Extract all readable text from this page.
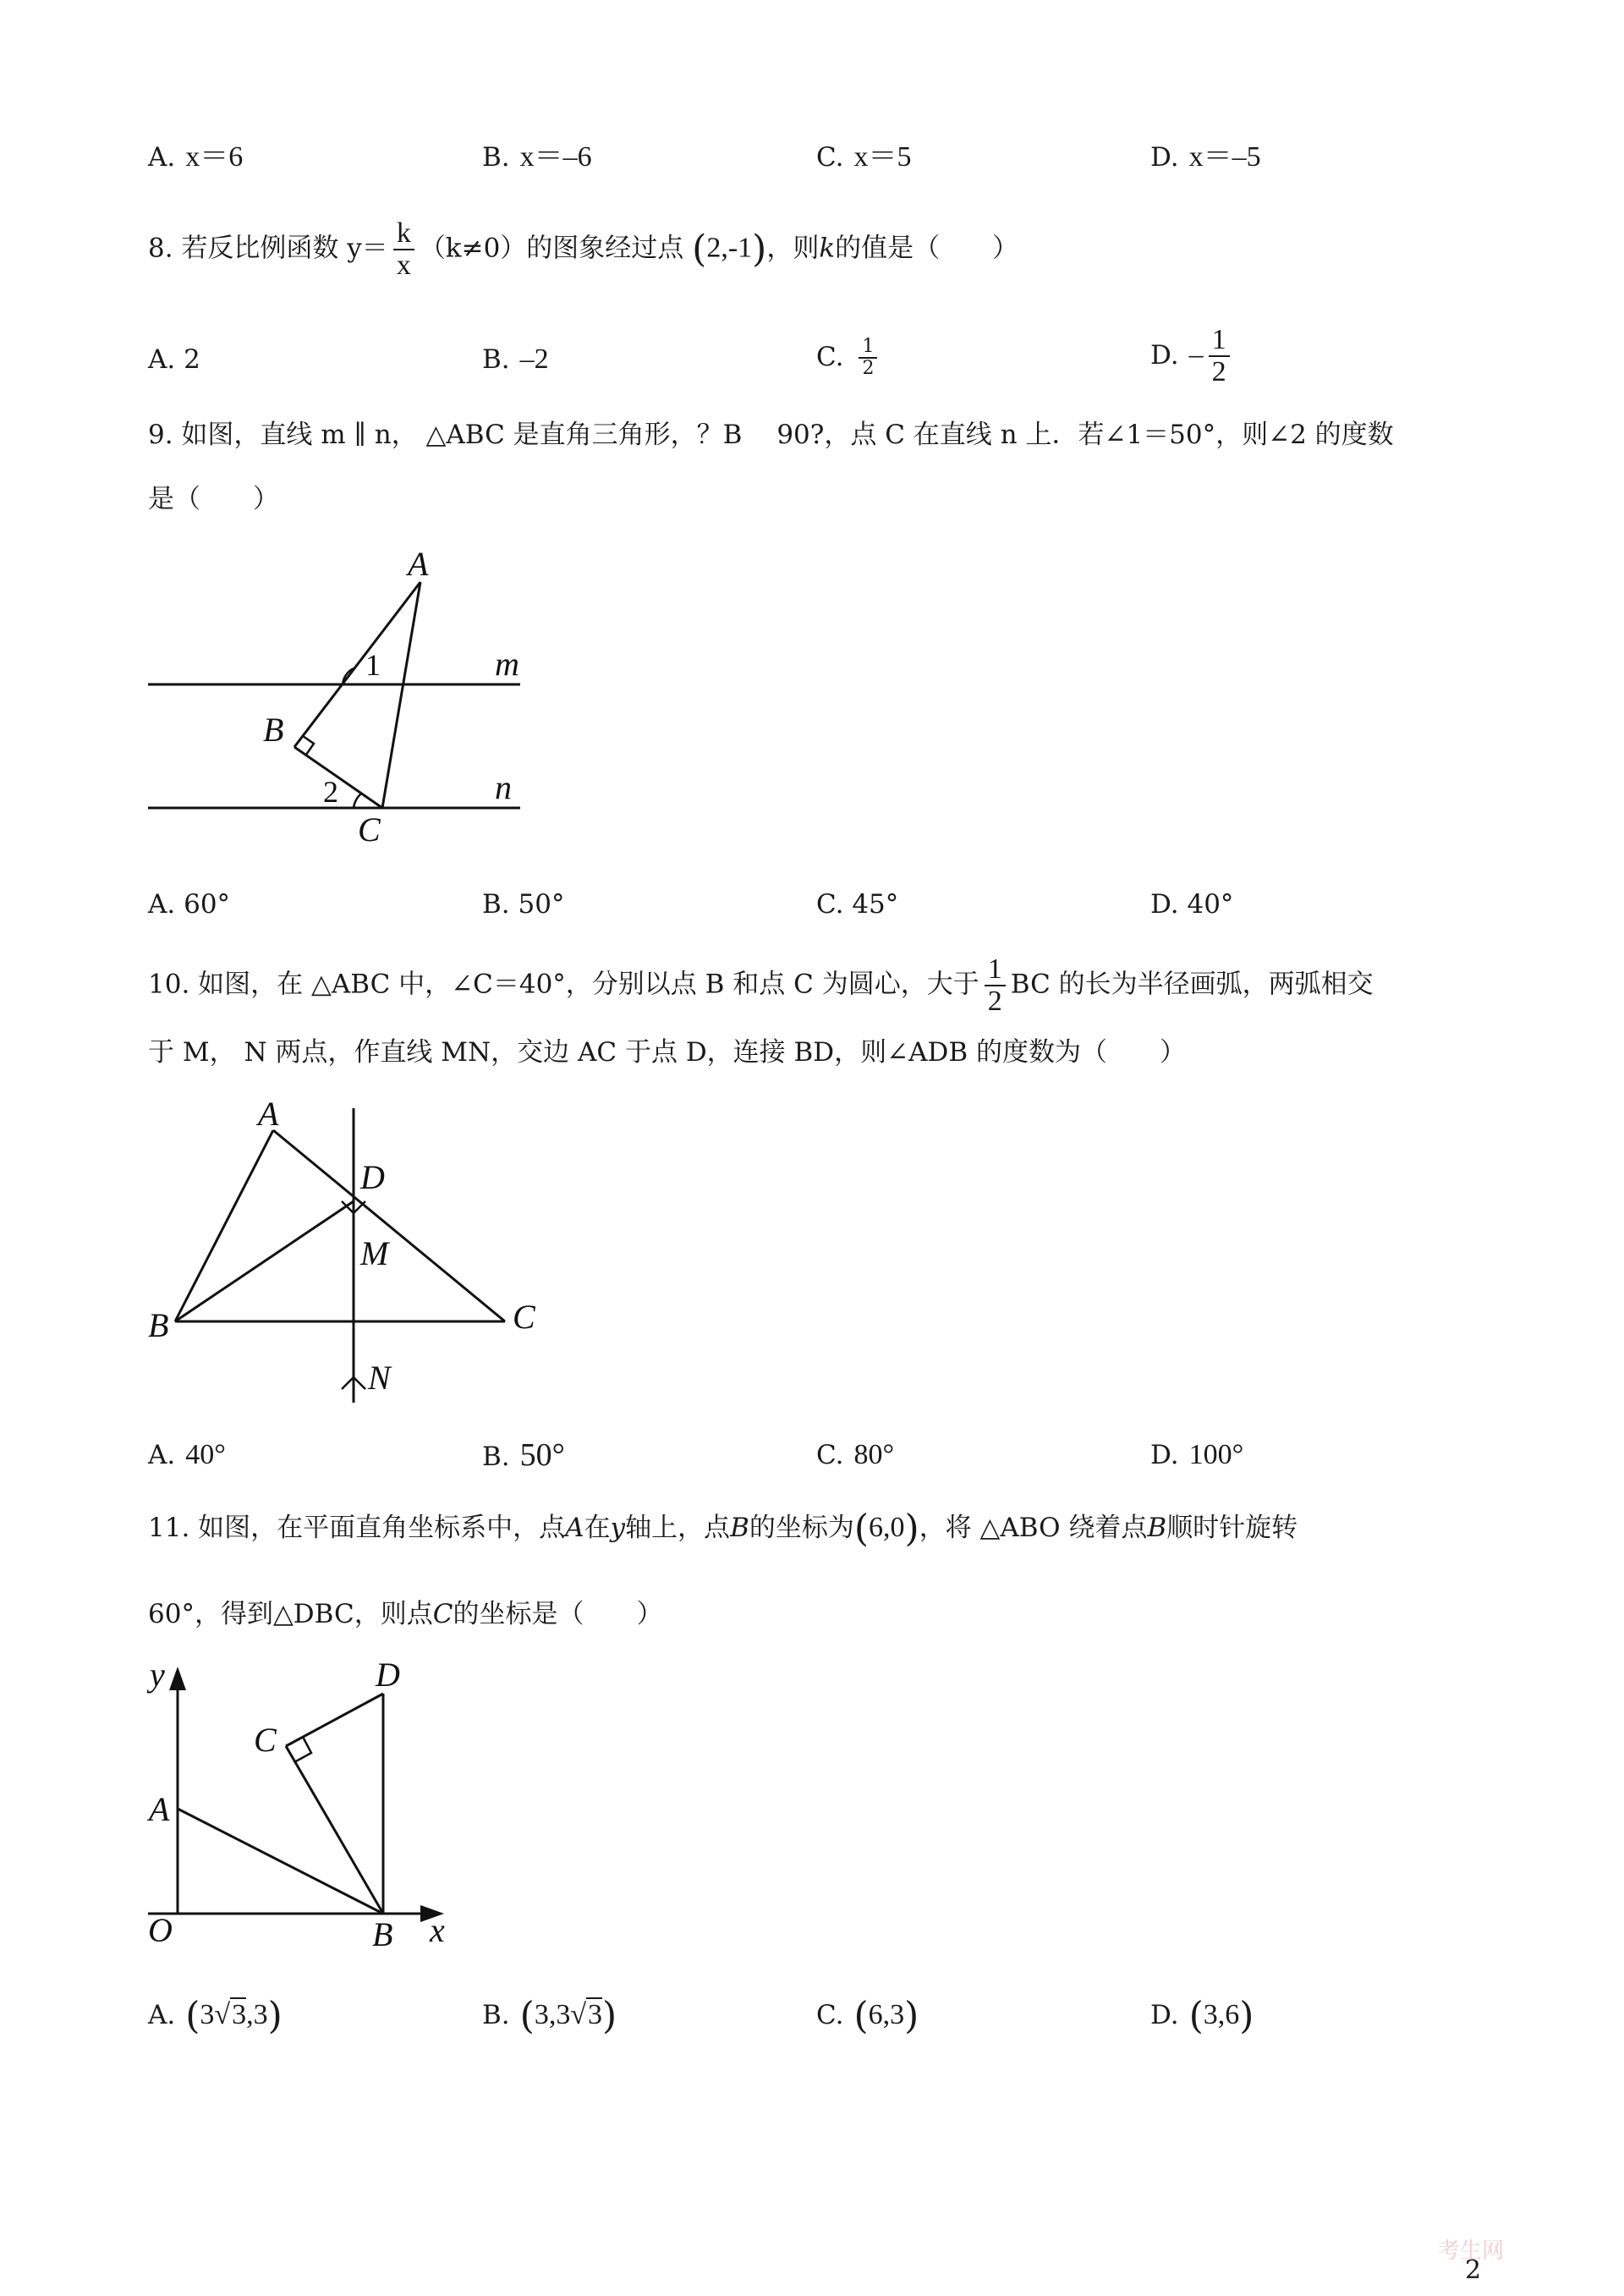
A. x＝6	B. x＝–6	C. x＝5	D. x＝–5
8. 若反比例函数 $y= \frac{k}{x} (k\ne 0)$的图象经过点 (2,-1)，则k的值是（　　）
A. 2	B. –2	C. $\frac{1}{2}$	D. – $\frac{1}{2}$
9. 如图，直线 m ∥ n， △ABC 是直角三角形，？B　 90?，点 C 在直线 n 上．若∠1＝50°，则∠2 的度数
是（　　）
A
1	m
B
2	n
C
A. 60°	B. 50°	C. 45°	D. 40°
10. 如图，在 △ABC 中，∠C＝40°，分别以点 B 和点 C 为圆心，大于 $\frac{1}{2}$ BC 的长为半径画弧，两弧相交
于 M， N 两点，作直线 MN，交边 AC 于点 D，连接 BD，则∠ADB 的度数为（　　）
A
D
M
B	C
N
A. 40°	B. 50°	C. 80°	D. 100°
11. 如图，在平面直角坐标系中，点A在y轴上，点B的坐标为(6,0)，将 △ABO 绕着点B顺时针旋转
60°，得到△DBC，则点C的坐标是（　　）
y	D
C
A
O	B x
A. (3√3,3)	B. (3,3√3)	C. (6,3)	D. (3,6)
考生网
2
